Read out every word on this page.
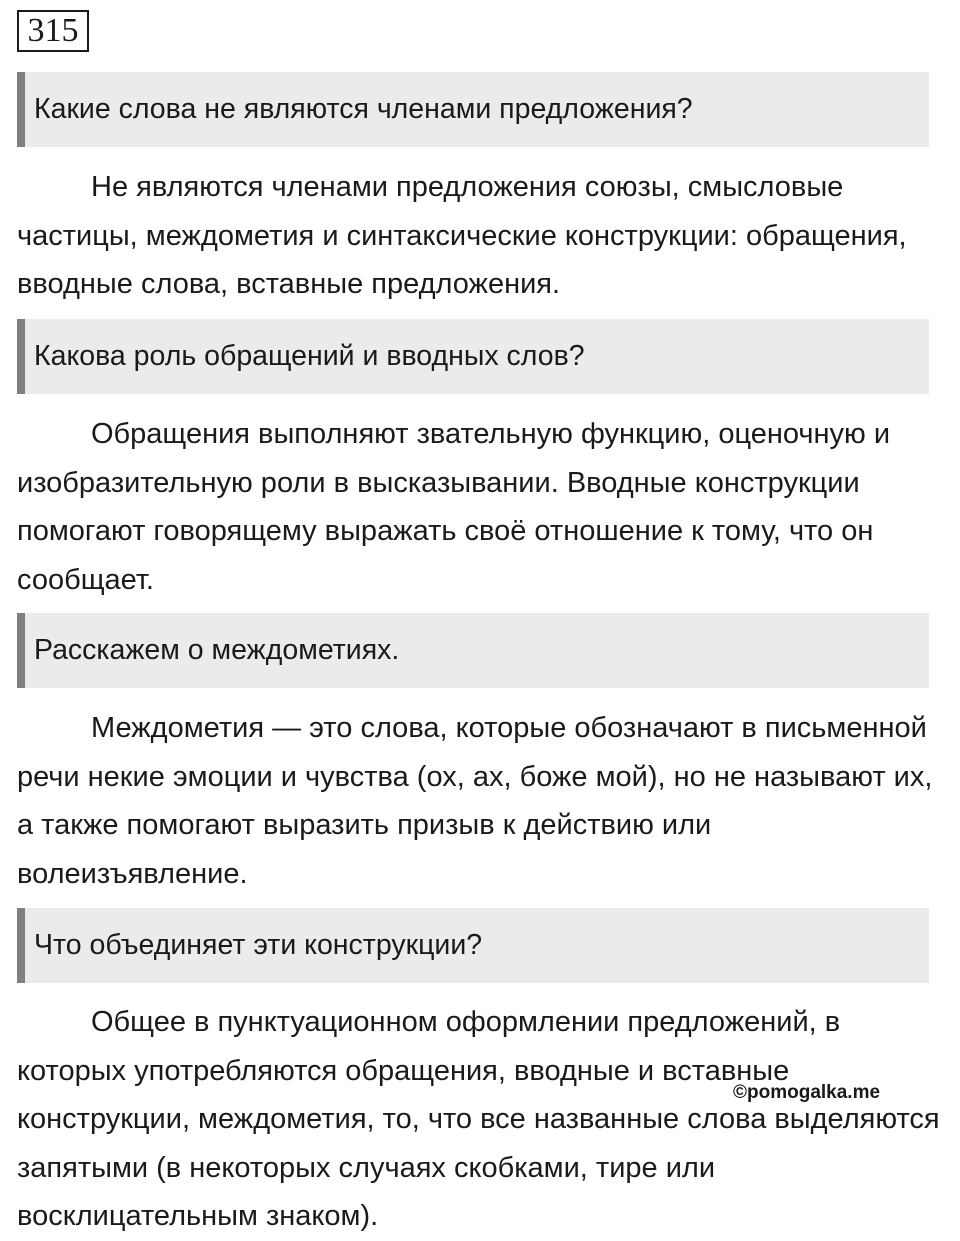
315
Какие слова не являются членами предложения?

Не являются членами предложения союзы, смысловые частицы, междометия и синтаксические конструкции: обращения, вводные слова, вставные предложения.

Какова роль обращений и вводных слов?

Обращения выполняют звательную функцию, оценочную и изобразительную роли в высказывании. Вводные конструкции помогают говорящему выражать своё отношение к тому, что он сообщает.

Расскажем о междометиях.

Междометия — это слова, которые обозначают в письменной речи некие эмоции и чувства (ох, ах, боже мой), но не называют их, а также помогают выразить призыв к действию или волеизъявление.

Что объединяет эти конструкции?

Общее в пунктуационном оформлении предложений, в которых употребляются обращения, вводные и вставные конструкции, междометия, то, что все названные слова выделяются запятыми (в некоторых случаях скобками, тире или восклицательным знаком).

©pomogalka.me
